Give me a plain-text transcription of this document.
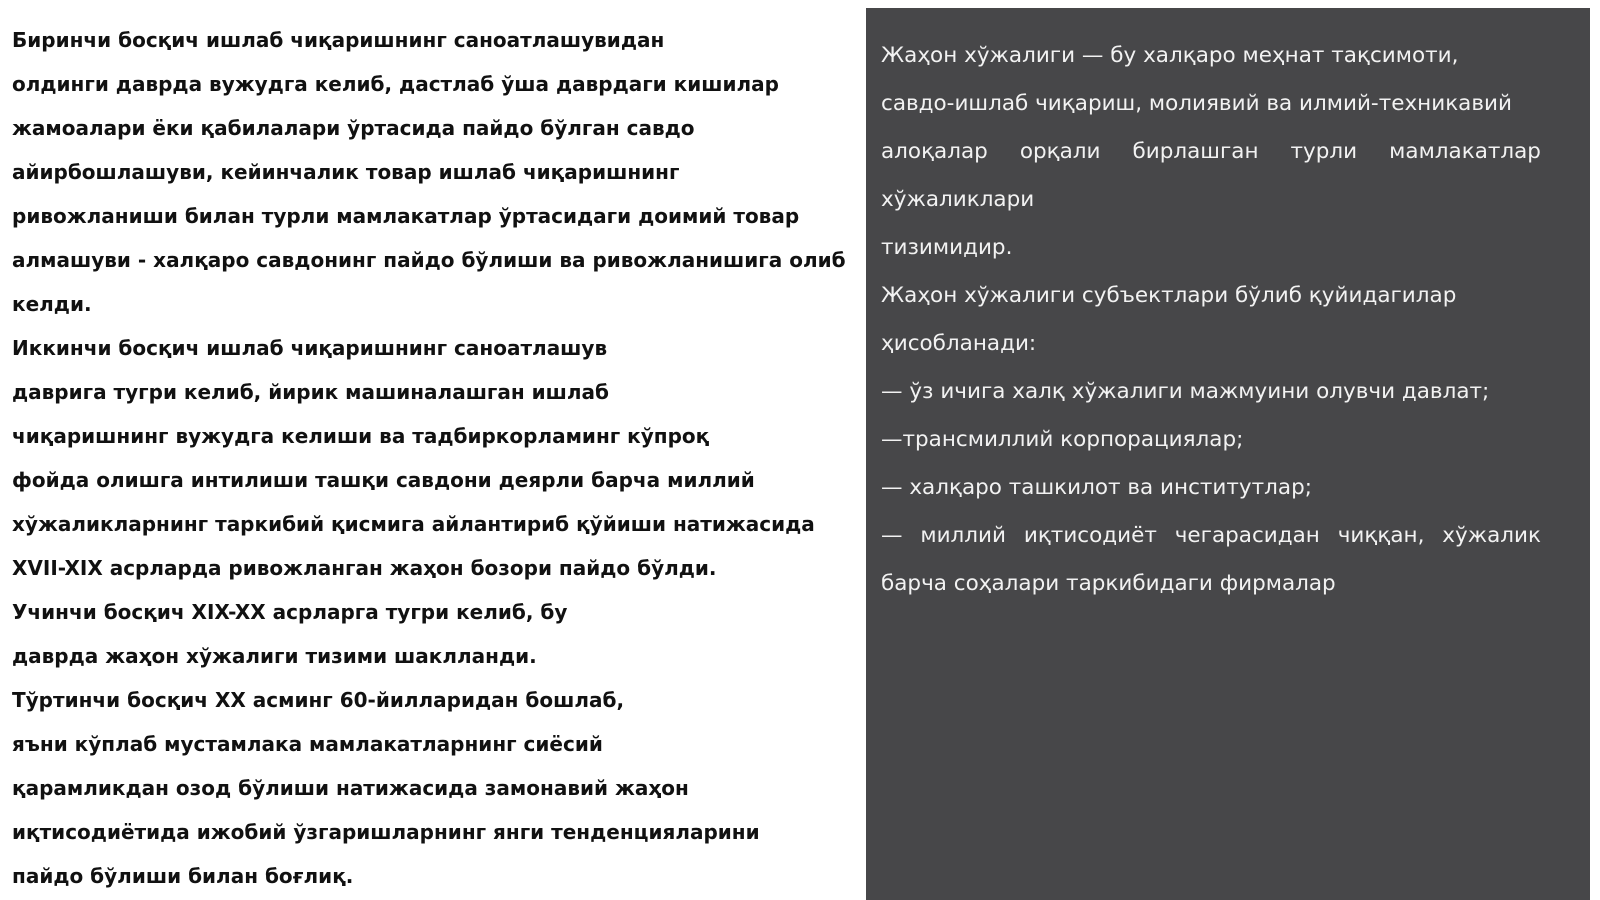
Биринчи босқич ишлаб чиқаришнинг саноатлашувидан
олдинги даврда вужудга келиб, дастлаб ўша даврдаги кишилар
жамоалари ёки қабилалари ўртасида пайдо бўлган савдо
айирбошлашуви, кейинчалик товар ишлаб чиқаришнинг
ривожланиши билан турли мамлакатлар ўртасидаги доимий товар
алмашуви - халқаро савдонинг пайдо бўлиши ва ривожланишига олиб
келди.
Иккинчи босқич ишлаб чиқаришнинг саноатлашув
даврига тугри келиб, йирик машиналашган ишлаб
чиқаришнинг вужудга келиши ва тадбиркорламинг кўпроқ
фойда олишга интилиши ташқи савдони деярли барча миллий
хўжаликларнинг таркибий қисмига айлантириб қўйиши натижасида
XVII-XIX асрларда ривожланган жаҳон бозори пайдо бўлди.
Учинчи босқич XIX-XX асрларга тугри келиб, бу
даврда жаҳон хўжалиги тизими шаклланди.
Тўртинчи босқич XX асминг 60-йилларидан бошлаб,
яъни кўплаб мустамлака мамлакатларнинг сиёсий
қарамликдан озод бўлиши натижасида замонавий жаҳон
иқтисодиётида ижобий ўзгаришларнинг янги тенденцияларини
пайдо бўлиши билан боғлиқ.
Жаҳон хўжалиги — бу халқаро меҳнат тақсимоти,
савдо-ишлаб чиқариш, молиявий ва илмий-техникавий
алоқалар орқали бирлашган турли мамлакатлар
хўжаликлари
тизимидир.
Жаҳон хўжалиги субъектлари бўлиб қуйидагилар
ҳисобланади:
— ўз ичига халқ хўжалиги мажмуини олувчи давлат;
—трансмиллий корпорациялар;
— халқаро ташкилот ва институтлар;
— миллий иқтисодиёт чегарасидан чиққан, хўжалик
барча соҳалари таркибидаги фирмалар
